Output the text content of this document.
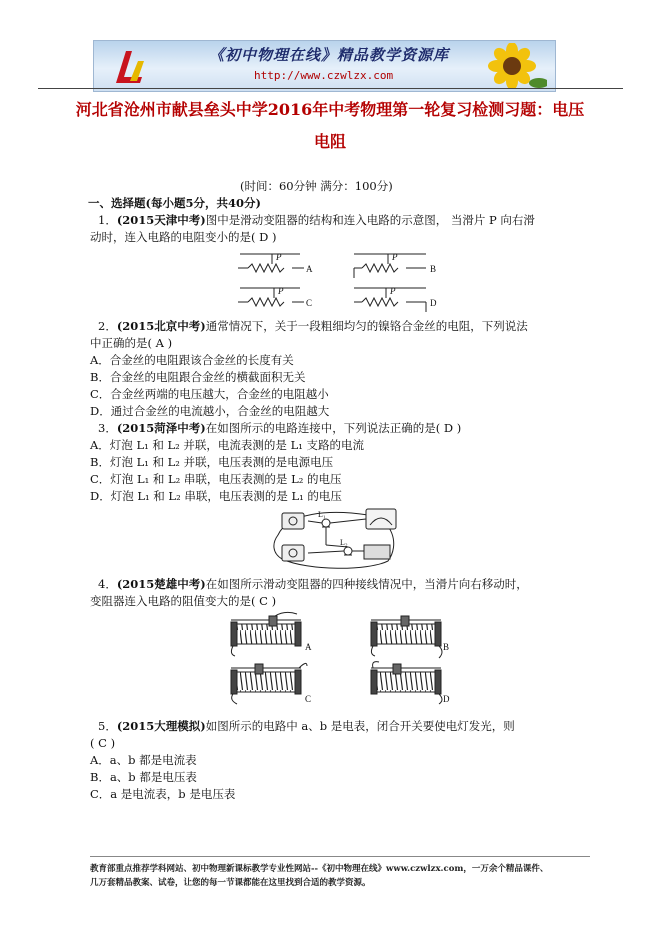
《初中物理在线》精品教学资源库
http://www.czwlzx.com
河北省沧州市献县垒头中学2016年中考物理第一轮复习检测习题：电压
电阻
(时间：60分钟 满分：100分)
一、选择题(每小题5分，共40分)
1．(2015天津中考)图中是滑动变阻器的结构和连入电路的示意图， 当滑片 P 向右滑
动时，连入电路的电阻变小的是( D )
P
A
P
B
P
C
P
D
2．(2015北京中考)通常情况下，关于一段粗细均匀的镍铬合金丝的电阻，下列说法
中正确的是( A )
A．合金丝的电阻跟该合金丝的长度有关
B．合金丝的电阻跟合金丝的横截面积无关
C．合金丝两端的电压越大，合金丝的电阻越小
D．通过合金丝的电流越小，合金丝的电阻越大
3．(2015菏泽中考)在如图所示的电路连接中，下列说法正确的是( D )
A．灯泡 L₁ 和 L₂ 并联，电流表测的是 L₁ 支路的电流
B．灯泡 L₁ 和 L₂ 并联，电压表测的是电源电压
C．灯泡 L₁ 和 L₂ 串联，电压表测的是 L₂ 的电压
D．灯泡 L₁ 和 L₂ 串联，电压表测的是 L₁ 的电压
L₁
L₂
4．(2015楚雄中考)在如图所示滑动变阻器的四种接线情况中，当滑片向右移动时，
变阻器连入电路的阻值变大的是( C )
A	B
C	D
5．(2015大理模拟)如图所示的电路中 a、b 是电表，闭合开关要使电灯发光，则
( C )
A．a、b 都是电流表
B．a、b 都是电压表
C．a 是电流表，b 是电压表
教育部重点推荐学科网站、初中物理新课标教学专业性网站--《初中物理在线》www.czwlzx.com，一万余个精品课件、
几万套精品教案、试卷，让您的每一节课都能在这里找到合适的教学资源。
